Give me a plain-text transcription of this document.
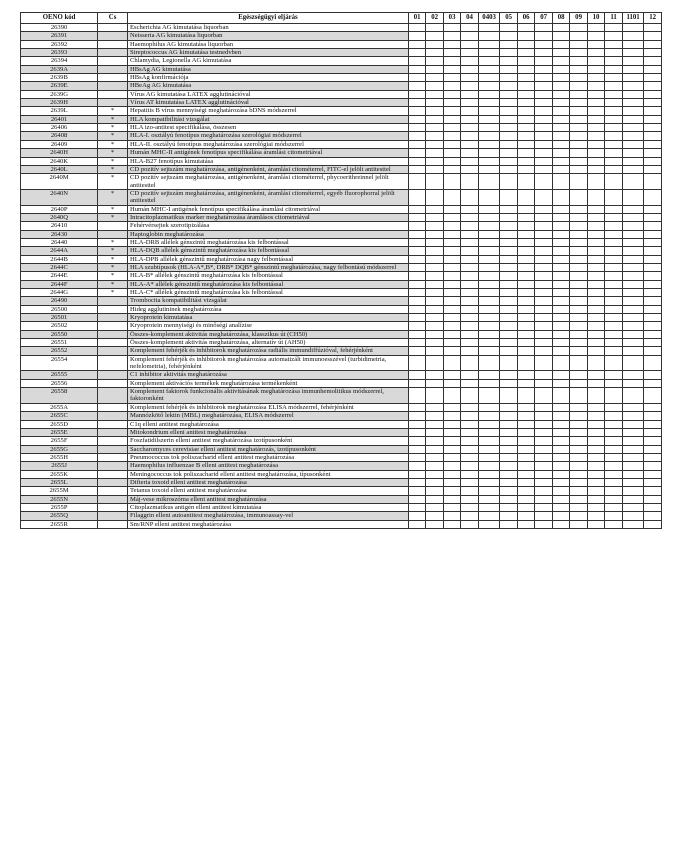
OENO kód	Cs	Egészségügyi eljárás	01	02	03	04	0403	05	06	07	08	09	10	11	1101	12
26390		Escherichia AG kimutatása liquorban														
26391		Neisseria AG kimutatása liquorban														
26392		Haemophilus AG kimutatása liquorban														
26393		Streptococcus AG kimutatása testnedvben														
26394		Chlamydia, Legionella AG kimutatása														
2639A		HBsAg AG kimutatása														
2639B		HBsAg konfirmációja														
2639E		HBeAg AG kimutatása														
2639G		Vírus AG kimutatása LATEX agglutinációval														
2639H		Vírus AT kimutatása LATEX agglutinációval														
2639L	*	Hepatitis B vírus mennyiségi meghatározása bDNS módszerrel														
26401	*	HLA kompatibilitási vizsgálat														
26406	*	HLA izo-antitest specifikálása, összesen														
26408	*	HLA-I. osztályú fenotípus meghatározása szerológiai módszerrel														
26409	*	HLA-II. osztályú fenotípus meghatározása szerológiai módszerrel														
2640H	*	Humán MHC-II antigének fenotípus specifikálása áramlási citometriával														
2640K	*	HLA-B27 fenotípus kimutatása														
2640L	*	CD pozitív sejtszám meghatározása, antigénenként, áramlási citométerrel, FITC-el jelölt antitesttel														
2640M	*	CD pozitív sejtszám meghatározása, antigénenként, áramlási citométerrel, phycoerithreinnel jelölt antitesttel														
2640N	*	CD pozitív sejtszám meghatározása, antigénenként, áramlási citométerrel, egyéb fluorophorral jelölt antitesttel														
2640P	*	Humán MHC-I antigének fenotípus specifikálása áramlási citometriával														
2640Q	*	Intracitoplazmatikus marker meghatározása áramlásos citometriával														
26410		Fehérvérsejtek szerotipizálása														
26430		Haptoglobin meghatározása														
26440	*	HLA-DRB allélek génszintű meghatározása kis felbontással														
2644A	*	HLA-DQB allélek génszintű meghatározása kis felbontással														
2644B	*	HLA-DPB allélek génszintű meghatározása nagy felbontással														
2644C	*	HLA szubtípusok (HLA-A*,B*, DRB* DQB* génszintű meghatározása, nagy felbontású módszerrel														
2644E	*	HLA-B* allélek génszintű meghatározása kis felbontással														
2644F	*	HLA-A* allélek génszintű meghatározása kis felbontással														
2644G	*	HLA-C* allélek génszintű meghatározása kis felbontással														
26490		Trombocita kompatibilitási vizsgálat														
26500		Hideg agglutininek meghatározása														
26501		Kryoprotein kimutatása														
26502		Kryoprotein mennyiségi és minőségi analízise														
26550		Összes-komplement aktivitás meghatározása, klasszikus út (CH50)														
26551		Összes-komplement aktivitás meghatározása, alternatív út (AH50)														
26552		Komplement fehérjék és inhibitorok meghatározása radiális immundiffúzióval, fehérjénként														
26554		Komplement fehérjék és inhibitorok meghatározása automatizált immunoesszével (turbidimetria, nefelometria), fehérjénként														
26555		C1 inhibitor aktivitás meghatározása														
26556		Komplement aktivációs termékek meghatározása termékenként														
26558		Komplement faktorok funkcionális aktivitásának meghatározása immunhemolitikus módszerrel, faktoronként														
2655A		Komplement fehérjék és inhibitorok meghatározása ELISA módszerrel, fehérjénként														
2655C		Mannózkötő lektin (MBL) meghatározása, ELISA módszerrel														
2655D		C1q elleni antitest meghatározása														
2655E		Mitokondrium elleni antitest meghatározása														
2655F		Foszfatidilszerin elleni antitest meghatározása izotípusonként														
2655G		Saccharomyces cerevisiae elleni antitest meghatározás, izotípusonként														
2655H		Pneumococcus tok poliszacharid elleni antitest meghatározása														
2655J		Haemophilus influenzae B elleni antitest meghatározása														
2655K		Meningococcus tok poliszacharid elleni antitest meghatározása, típusonként														
2655L		Difteria toxoid elleni antitest meghatározása														
2655M		Tetanus toxoid elleni antitest meghatározása														
2655N		Máj-vese mikroszóma elleni antitest meghatározása														
2655P		Citoplazmatikus antigén elleni antitest kimutatása														
2655Q		Filaggrin elleni autoantitest meghatározása, immunoassay-vel														
2655R		Sm/RNP elleni antitest meghatározása														
